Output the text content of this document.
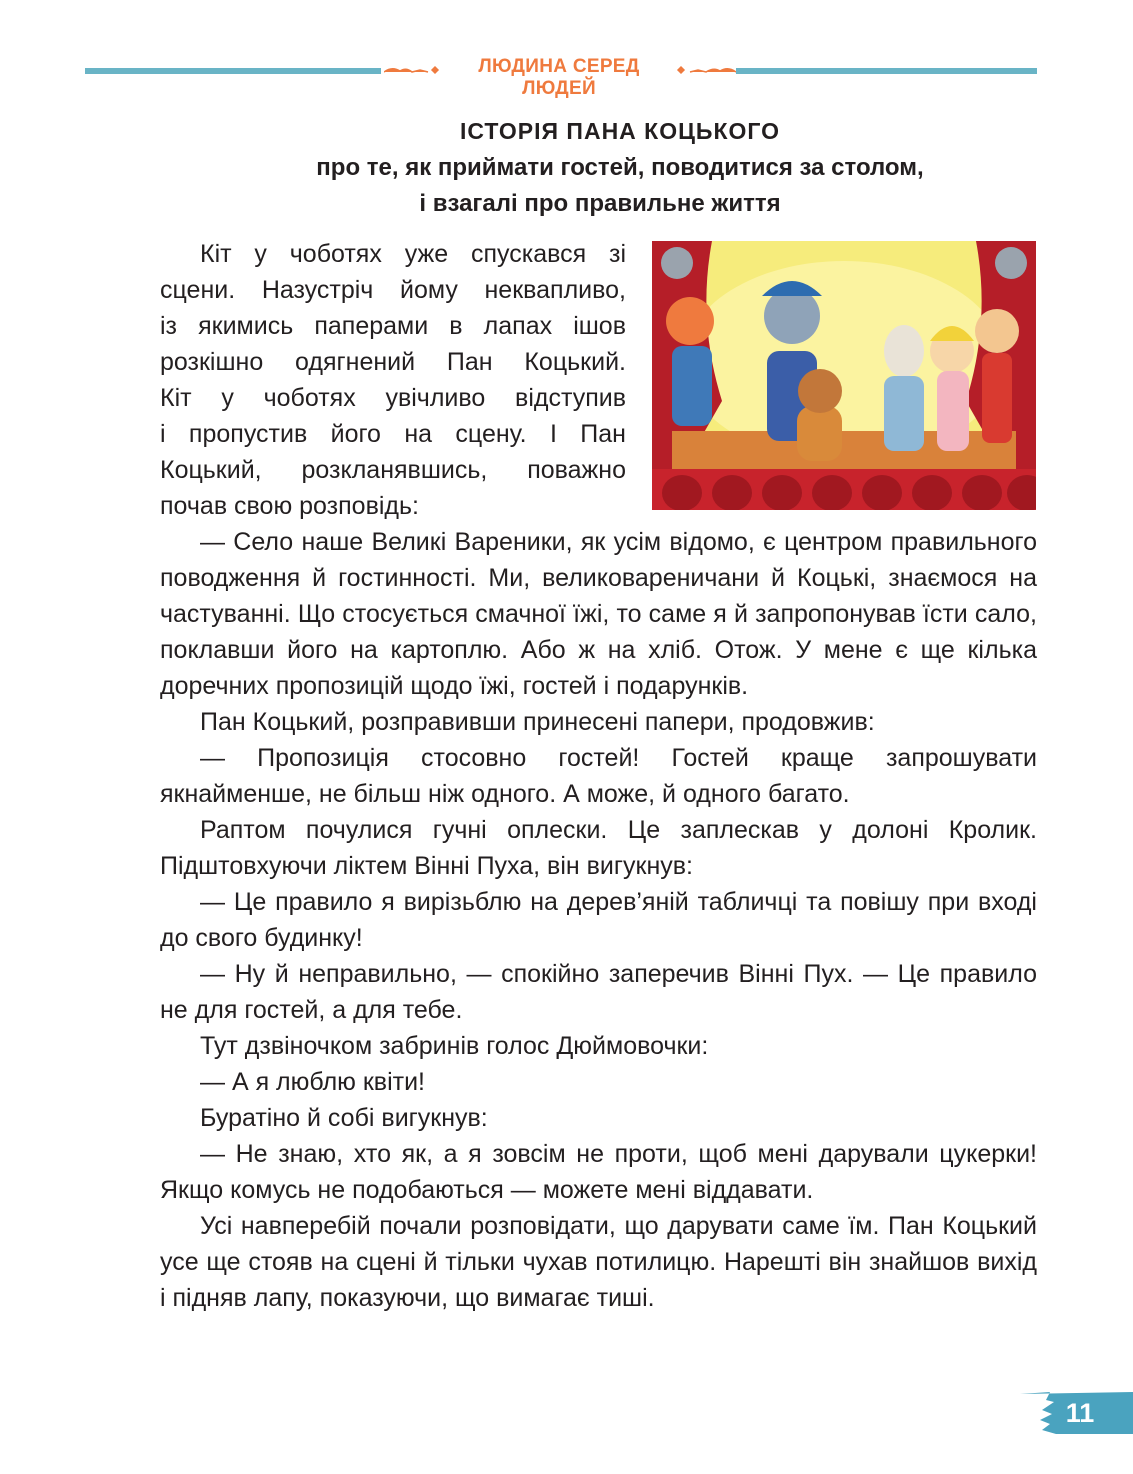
ЛЮДИНА СЕРЕД ЛЮДЕЙ
ІСТОРІЯ ПАНА КОЦЬКОГО
про те, як приймати гостей, поводитися за столом,
і взагалі про правильне життя
Кіт у чоботях уже спускався зі
сцени. Назустріч йому неквапливо,
із якимись паперами в лапах ішов
розкішно одягнений Пан Коцький.
Кіт у чоботях увічливо відступив
і пропустив його на сцену. І Пан
Коцький, розкланявшись, поважно
почав свою розповідь:

— Село наше Великі Вареники, як усім відомо, є центром правильного поводження й гостинності. Ми, великовареничани й Коцькі, знаємося на частуванні. Що стосується смачної їжі, то саме я й запропонував їсти сало, поклавши його на картоплю. Або ж на хліб. Отож. У мене є ще кілька доречних пропозицій щодо їжі, гостей і подарунків.

Пан Коцький, розправивши принесені папери, продовжив:

— Пропозиція стосовно гостей! Гостей краще запрошувати якнайменше, не більш ніж одного. А може, й одного багато.

Раптом почулися гучні оплески. Це заплескав у долоні Кролик. Підштовхуючи ліктем Вінні Пуха, він вигукнув:

— Це правило я вирізьблю на дерев’яній табличці та повішу при вході до свого будинку!

— Ну й неправильно, — спокійно заперечив Вінні Пух. — Це правило не для гостей, а для тебе.

Тут дзвіночком забринів голос Дюймовочки:

— А я люблю квіти!

Буратіно й собі вигукнув:

— Не знаю, хто як, а я зовсім не проти, щоб мені дарували цукерки! Якщо комусь не подобаються — можете мені віддавати.

Усі навперебій почали розповідати, що дарувати саме їм. Пан Коцький усе ще стояв на сцені й тільки чухав потилицю. Нарешті він знайшов вихід і підняв лапу, показуючи, що вимагає тиші.

11
